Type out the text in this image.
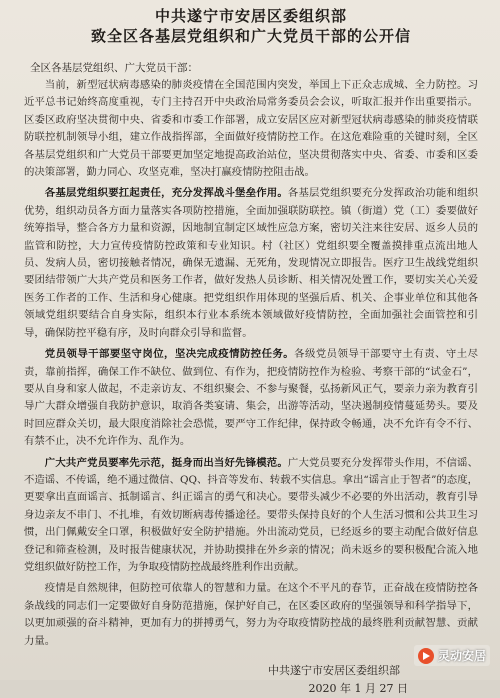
中共遂宁市安居区委组织部
致全区各基层党组织和广大党员干部的公开信
全区各基层党组织、广大党员干部：

当前，新型冠状病毒感染的肺炎疫情在全国范围内突发，举国上下正众志成城、全力防控。习近平总书记始终高度重视，专门主持召开中央政治局常务委员会会议，听取汇报并作出重要指示。区委区政府坚决贯彻中央、省委和市委工作部署，成立安居区应对新型冠状病毒感染的肺炎疫情联防联控机制领导小组，建立作战指挥部，全面做好疫情防控工作。在这危难险重的关键时刻，全区各基层党组织和广大党员干部要更加坚定地提高政治站位，坚决贯彻落实中央、省委、市委和区委的决策部署，勤力同心、攻坚克难，坚决打赢疫情防控阻击战。

各基层党组织要扛起责任，充分发挥战斗堡垒作用。各基层党组织要充分发挥政治功能和组织优势，组织动员各方面力量落实各项防控措施，全面加强联防联控。镇（街道）党（工）委要做好统筹指导，整合各方力量和资源，因地制宜制定区域性应急方案，密切关注来往安居、返乡人员的监管和防控，大力宣传疫情防控政策和专业知识。村（社区）党组织要全覆盖摸排重点流出地人员、发病人员，密切接触者情况，确保无遗漏、无死角，发现情况立即报告。医疗卫生战线党组织要团结带领广大共产党员和医务工作者，做好发热人员诊断、相关情况处置工作，要切实关心关爱医务工作者的工作、生活和身心健康。把党组织作用体现的坚强后盾、机关、企事业单位和其他各领域党组织要结合自身实际，组织本行业本系统本领域做好疫情防控，全面加强社会面管控和引导，确保防控平稳有序，及时向群众引导和监督。

党员领导干部要坚守岗位，坚决完成疫情防控任务。各级党员领导干部要守土有责、守土尽责，靠前指挥，确保工作不缺位、做到位、有作为，把疫情防控作为检验、考察干部的“试金石”，要从自身和家人做起，不走亲访友、不组织聚会、不参与聚餐，弘扬新风正气，要亲力亲为教育引导广大群众增强自我防护意识，取消各类宴请、集会，出游等活动，坚决遏制疫情蔓延势头。要及时回应群众关切，最大限度消除社会恐慌，要严守工作纪律，保持政令畅通，决不允许有令不行、有禁不止，决不允许作为、乱作为。

广大共产党员要率先示范，挺身而出当好先锋模范。广大党员要充分发挥带头作用，不信谣、不造谣、不传谣，绝不通过微信、QQ、抖音等发布、转载不实信息。拿出“谣言止于智者”的态度，更要拿出直面谣言、抵制谣言、纠正谣言的勇气和决心。要带头减少不必要的外出活动，教育引导身边亲友不串门、不扎堆，有效切断病毒传播途径。要带头保持良好的个人生活习惯和公共卫生习惯，出门佩戴安全口罩，积极做好安全防护措施。外出流动党员，已经返乡的要主动配合做好信息登记和筛查检测，及时报告健康状况，并协助摸排在外乡亲的情况；尚未返乡的要积极配合流入地党组织做好防控工作，为争取疫情防控战最终胜利作出贡献。

疫情是自然规律，但防控可依靠人的智慧和力量。在这个不平凡的春节，正奋战在疫情防控各条战线的同志们一定要做好自身防范措施，保护好自己，在区委区政府的坚强领导和科学指导下，以更加顽强的奋斗精神，更加有力的拼搏勇气，努力为夺取疫情防控战的最终胜利贡献智慧、贡献力量。

中共遂宁市安居区委组织部
2020 年 1 月 27 日
灵动安居
